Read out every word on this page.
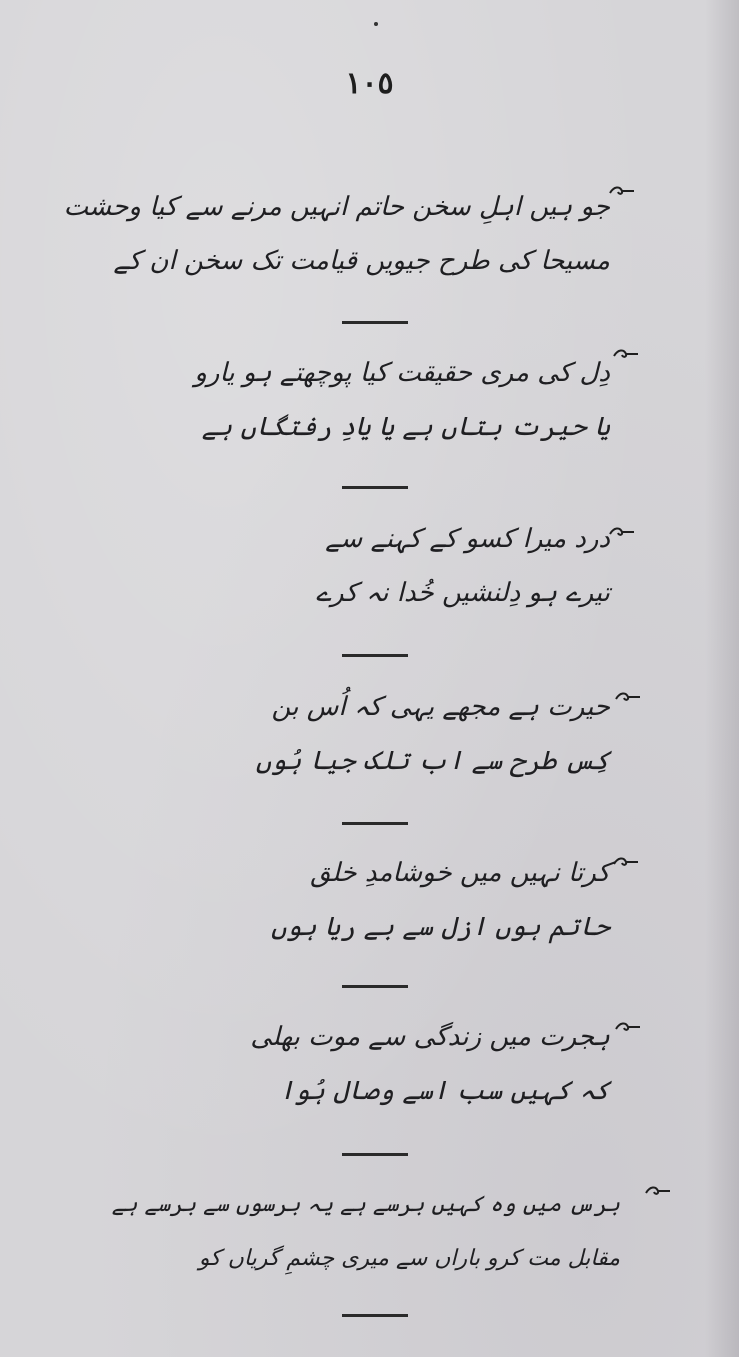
١٠٥
جو ہیں اہلِ سخن حاتم انہیں مرنے سے کیا وحشت
مسیحا کی طرح جیویں قیامت تک سخن ان کے
دِل کی مری حقیقت کیا پوچھتے ہو یارو
یا حیرت بتاں ہے یا یادِ رفتگاں ہے
درد میرا کسو کے کہنے سے
تیرے ہو دِلنشیں خُدا نہ کرے
حیرت ہے مجھے یہی کہ اُس بن
کِس طرح سے اب تلک جیا ہُوں
کرتا نہیں میں خوشامدِ خلق
حاتم ہوں ازل سے بے ریا ہوں
ہجرت میں زندگی سے موت بھلی
کہ کہیں سب اسے وصال ہُوا
برس میں وہ کہیں برسے ہے یہ برسوں سے برسے ہے
مقابل مت کرو باراں سے میری چشمِ گریاں کو
